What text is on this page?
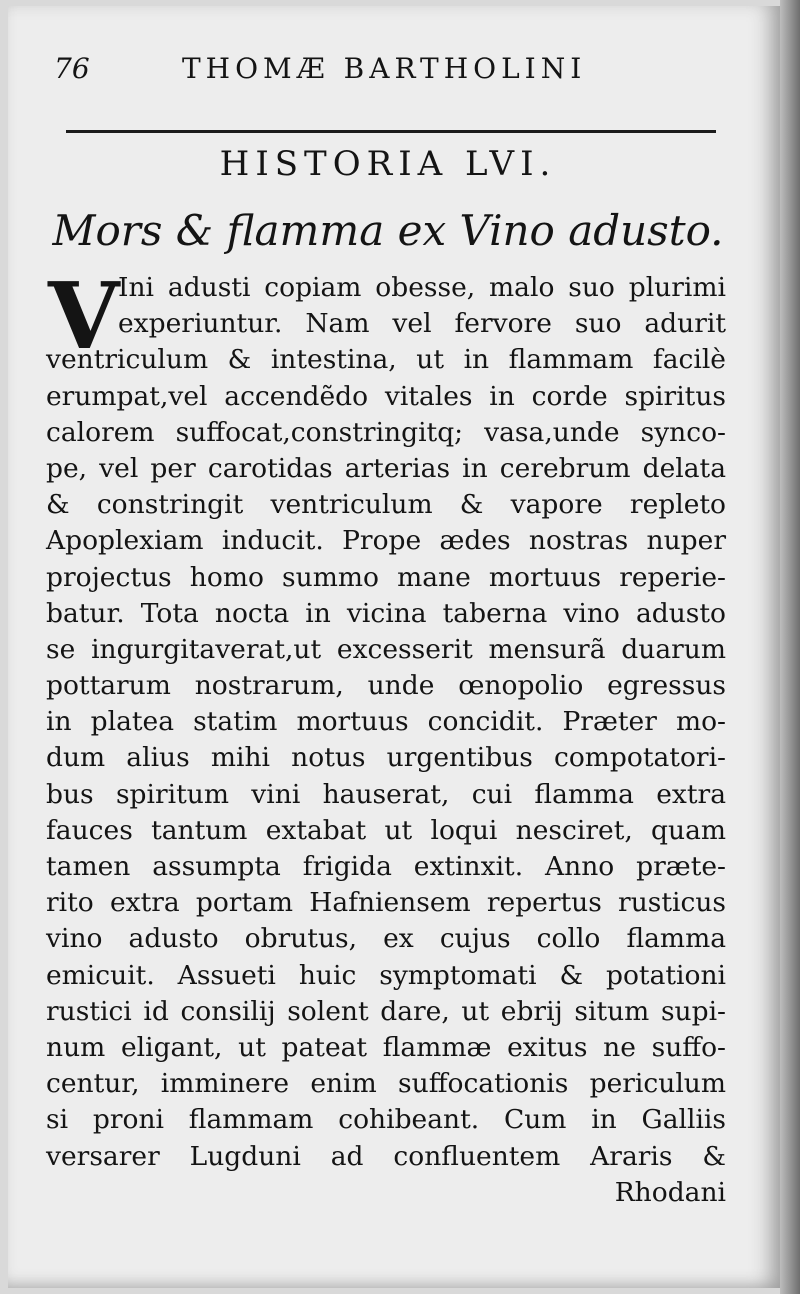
76	THOMÆ BARTHOLINI
HISTORIA LVI.
Mors & flamma ex Vino adusto.
V
Ini adusti copiam obesse, malo suo plurimi
experiuntur. Nam vel fervore suo adurit
ventriculum & intestina, ut in flammam facilè
erumpat,vel accendẽdo vitales in corde spiritus
calorem suffocat,constringitq; vasa,unde synco-
pe, vel per carotidas arterias in cerebrum delata
& constringit ventriculum & vapore repleto
Apoplexiam inducit. Prope ædes nostras nuper
projectus homo summo mane mortuus reperie-
batur. Tota nocta in vicina taberna vino adusto
se ingurgitaverat,ut excesserit mensurã duarum
pottarum nostrarum, unde œnopolio egressus
in platea statim mortuus concidit. Præter mo-
dum alius mihi notus urgentibus compotatori-
bus spiritum vini hauserat, cui flamma extra
fauces tantum extabat ut loqui nesciret, quam
tamen assumpta frigida extinxit. Anno præte-
rito extra portam Hafniensem repertus rusticus
vino adusto obrutus, ex cujus collo flamma
emicuit. Assueti huic symptomati & potationi
rustici id consilij solent dare, ut ebrij situm supi-
num eligant, ut pateat flammæ exitus ne suffo-
centur, imminere enim suffocationis periculum
si proni flammam cohibeant. Cum in Galliis
versarer Lugduni ad confluentem Araris &
Rhodani
